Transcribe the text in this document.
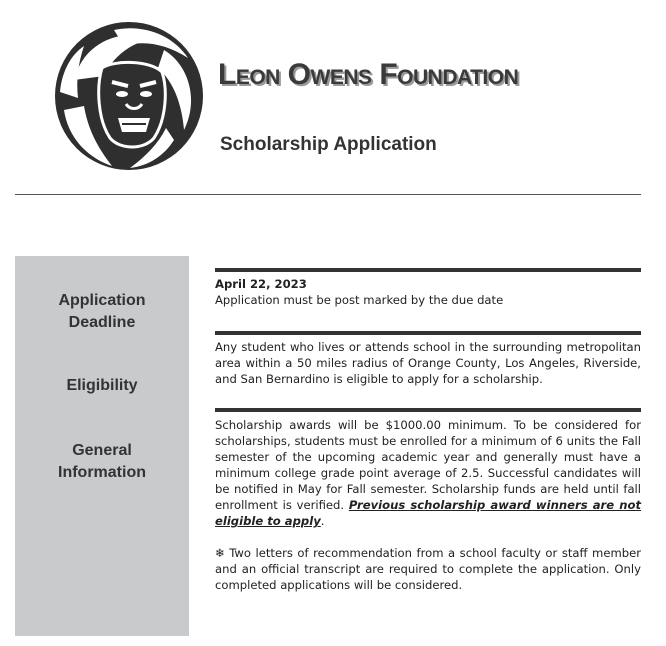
Leon Owens Foundation
Scholarship Application
Application
Deadline
Eligibility
General
Information

April 22, 2023

Application must be post marked by the due date

Any student who lives or attends school in the surrounding metropolitan area within a 50 miles radius of Orange County, Los Angeles, Riverside, and San Bernardino is eligible to apply for a scholarship.

Scholarship awards will be $1000.00 minimum. To be considered for scholarships, students must be enrolled for a minimum of 6 units the Fall semester of the upcoming academic year and generally must have a minimum college grade point average of 2.5. Successful candidates will be notified in May for Fall semester. Scholarship funds are held until fall enrollment is verified. Previous scholarship award winners are not eligible to apply.

❄ Two letters of recommendation from a school faculty or staff member and an official transcript are required to complete the application. Only completed applications will be considered.
